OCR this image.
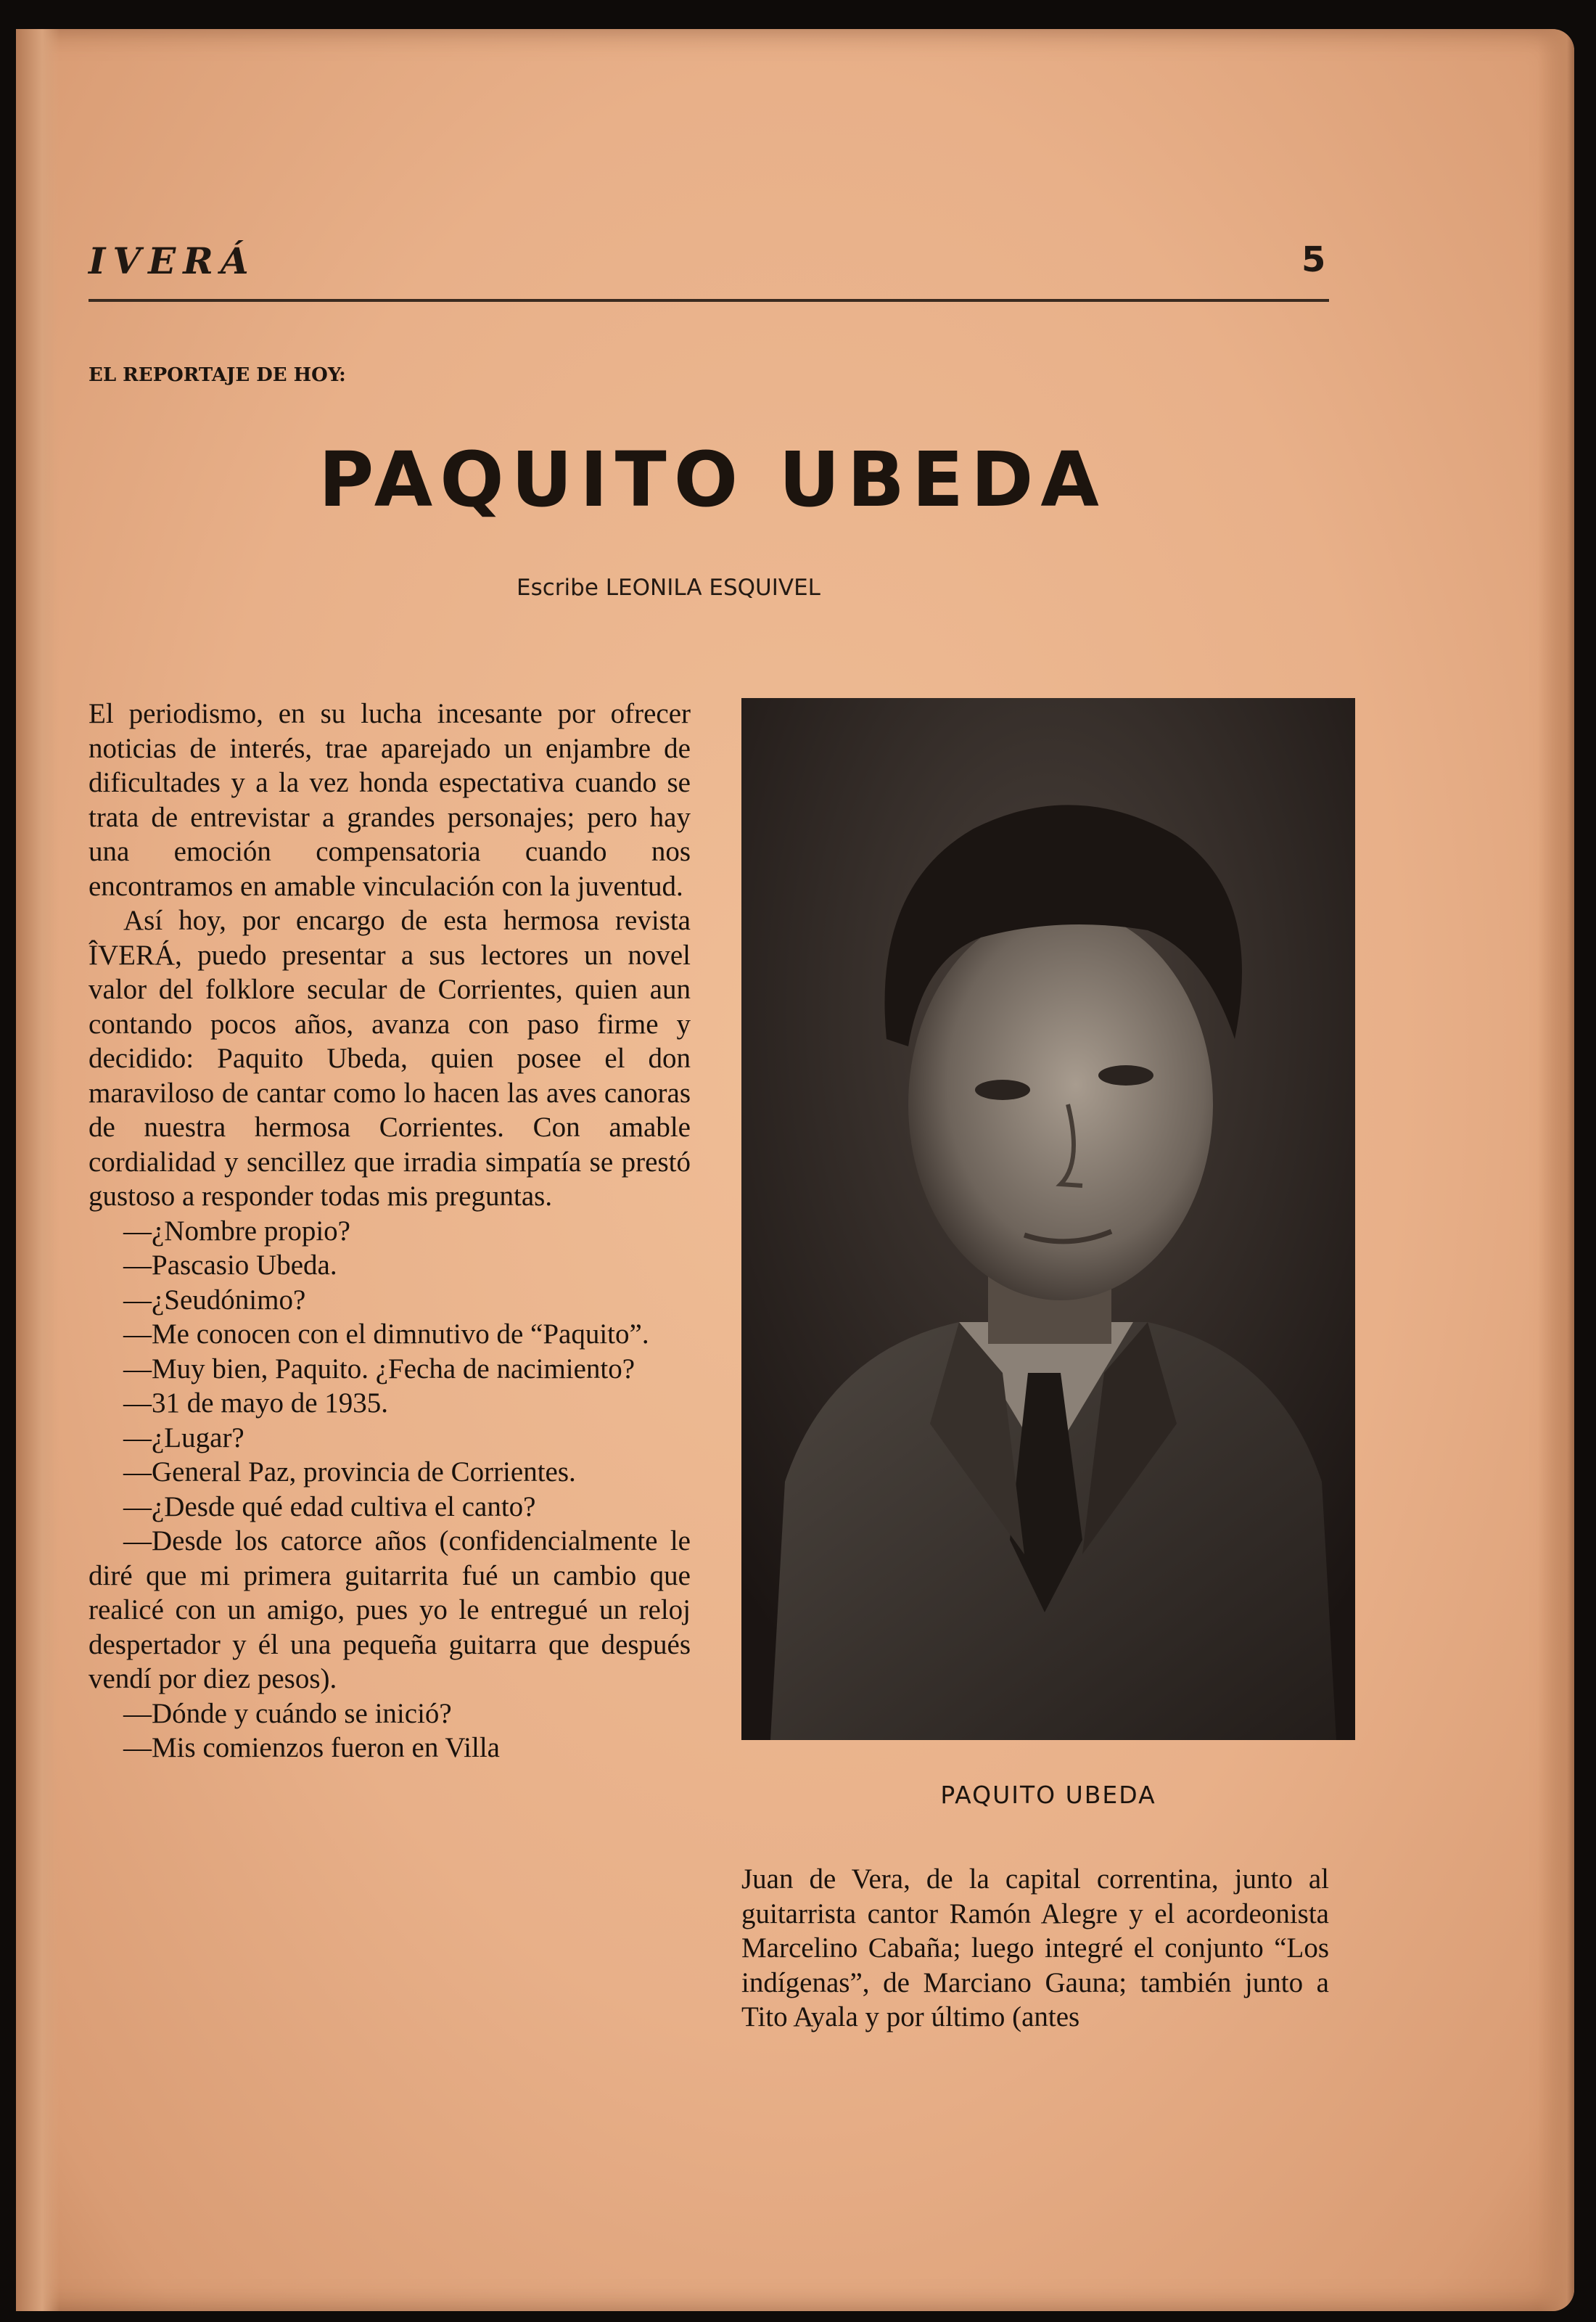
IVERÁ	5
EL REPORTAJE DE HOY:
PAQUITO UBEDA
Escribe LEONILA ESQUIVEL

El periodismo, en su lucha incesante por ofrecer noticias de interés, trae aparejado un enjambre de dificultades y a la vez honda espectativa cuando se trata de entrevistar a grandes personajes; pero hay una emoción compensatoria cuando nos encontramos en amable vinculación con la juventud.

Así hoy, por encargo de esta hermosa revista ÎVERÁ, puedo presentar a sus lectores un novel valor del folklore secular de Corrientes, quien aun contando pocos años, avanza con paso firme y decidido: Paquito Ubeda, quien posee el don maraviloso de cantar como lo hacen las aves canoras de nuestra hermosa Corrientes. Con amable cordialidad y sencillez que irradia simpatía se prestó gustoso a responder todas mis preguntas.

—¿Nombre propio?

—Pascasio Ubeda.

—¿Seudónimo?

—Me conocen con el dimnutivo de “Paquito”.

—Muy bien, Paquito. ¿Fecha de nacimiento?

—31 de mayo de 1935.

—¿Lugar?

—General Paz, provincia de Corrientes.

—¿Desde qué edad cultiva el canto?

—Desde los catorce años (confidencialmente le diré que mi primera guitarrita fué un cambio que realicé con un amigo, pues yo le entregué un reloj despertador y él una pequeña guitarra que después vendí por diez pesos).

—Dónde y cuándo se inició?

—Mis comienzos fueron en Villa

PAQUITO UBEDA

Juan de Vera, de la capital correntina, junto al guitarrista cantor Ramón Alegre y el acordeonista Marcelino Cabaña; luego integré el conjunto “Los indígenas”, de Marciano Gauna; también junto a Tito Ayala y por último (antes
